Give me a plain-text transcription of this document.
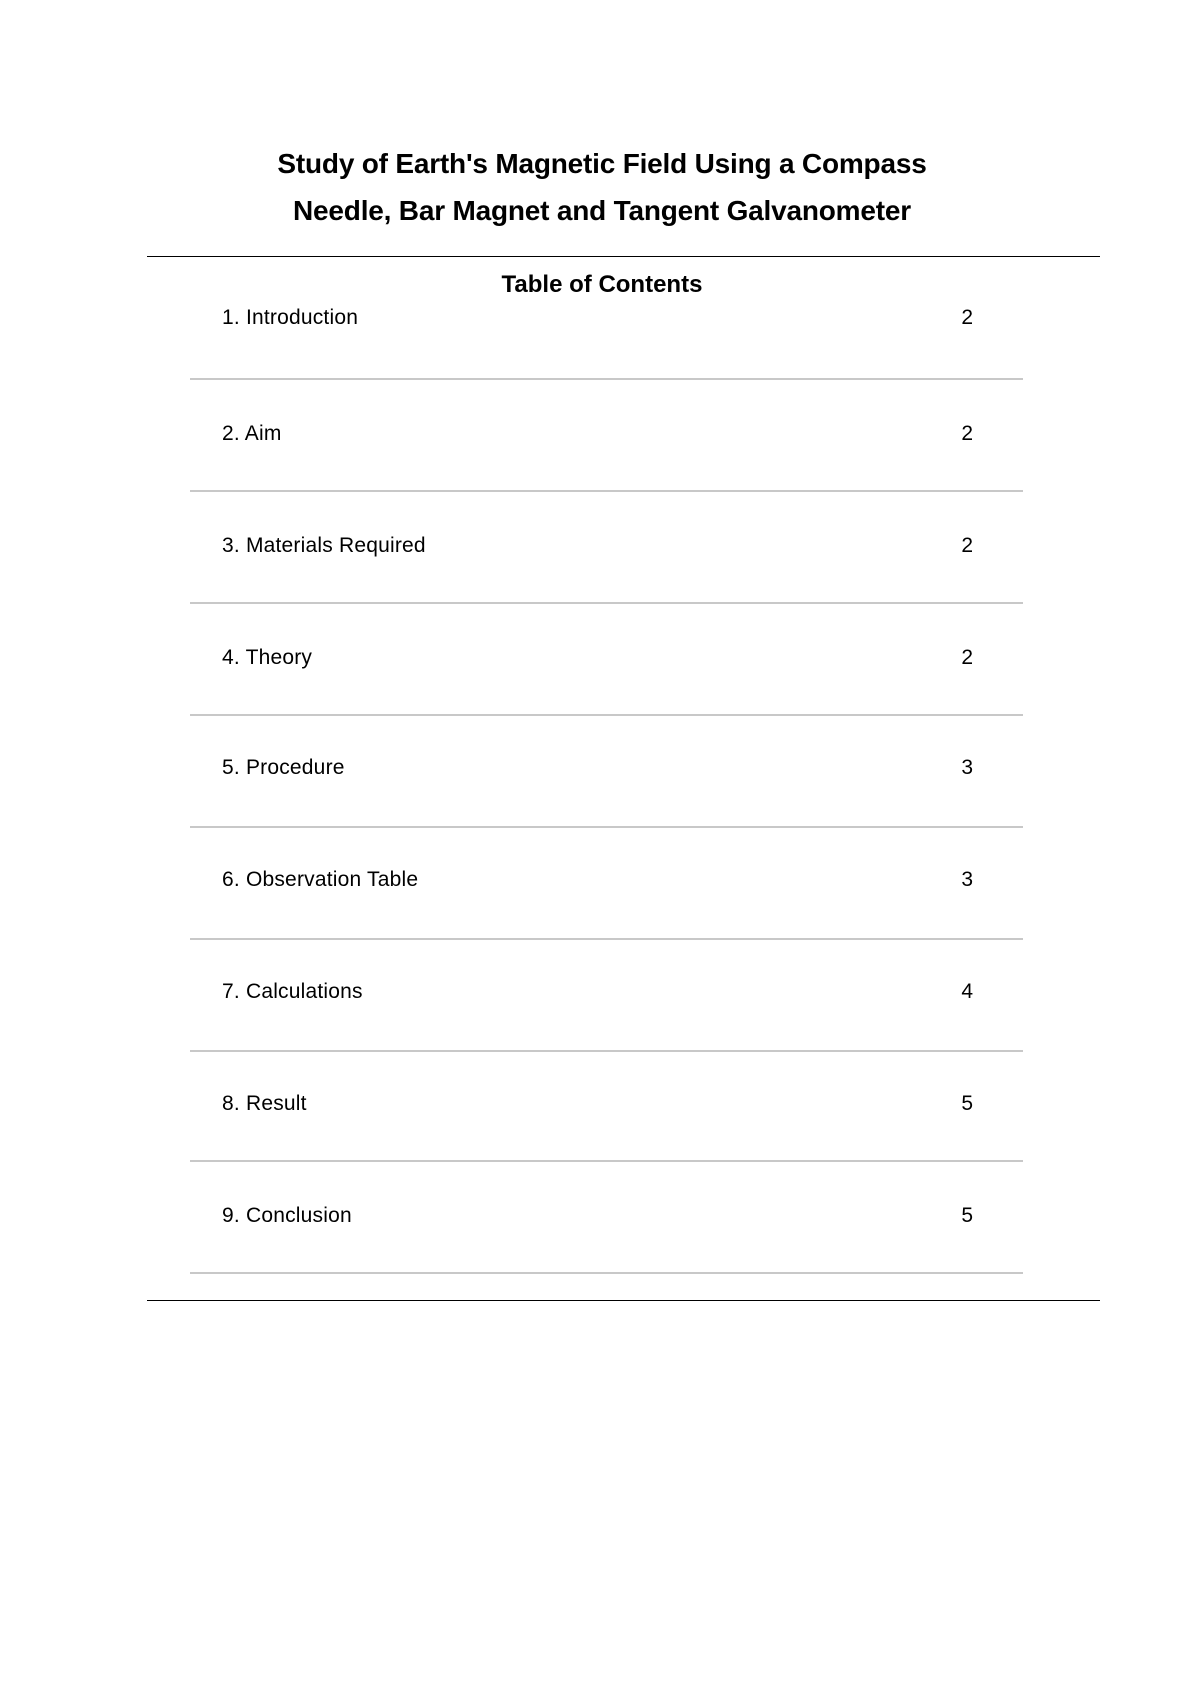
Study of Earth's Magnetic Field Using a Compass
Needle, Bar Magnet and Tangent Galvanometer
Table of Contents
1. Introduction	2
2. Aim	2
3. Materials Required	2
4. Theory	2
5. Procedure	3
6. Observation Table	3
7. Calculations	4
8. Result	5
9. Conclusion	5
